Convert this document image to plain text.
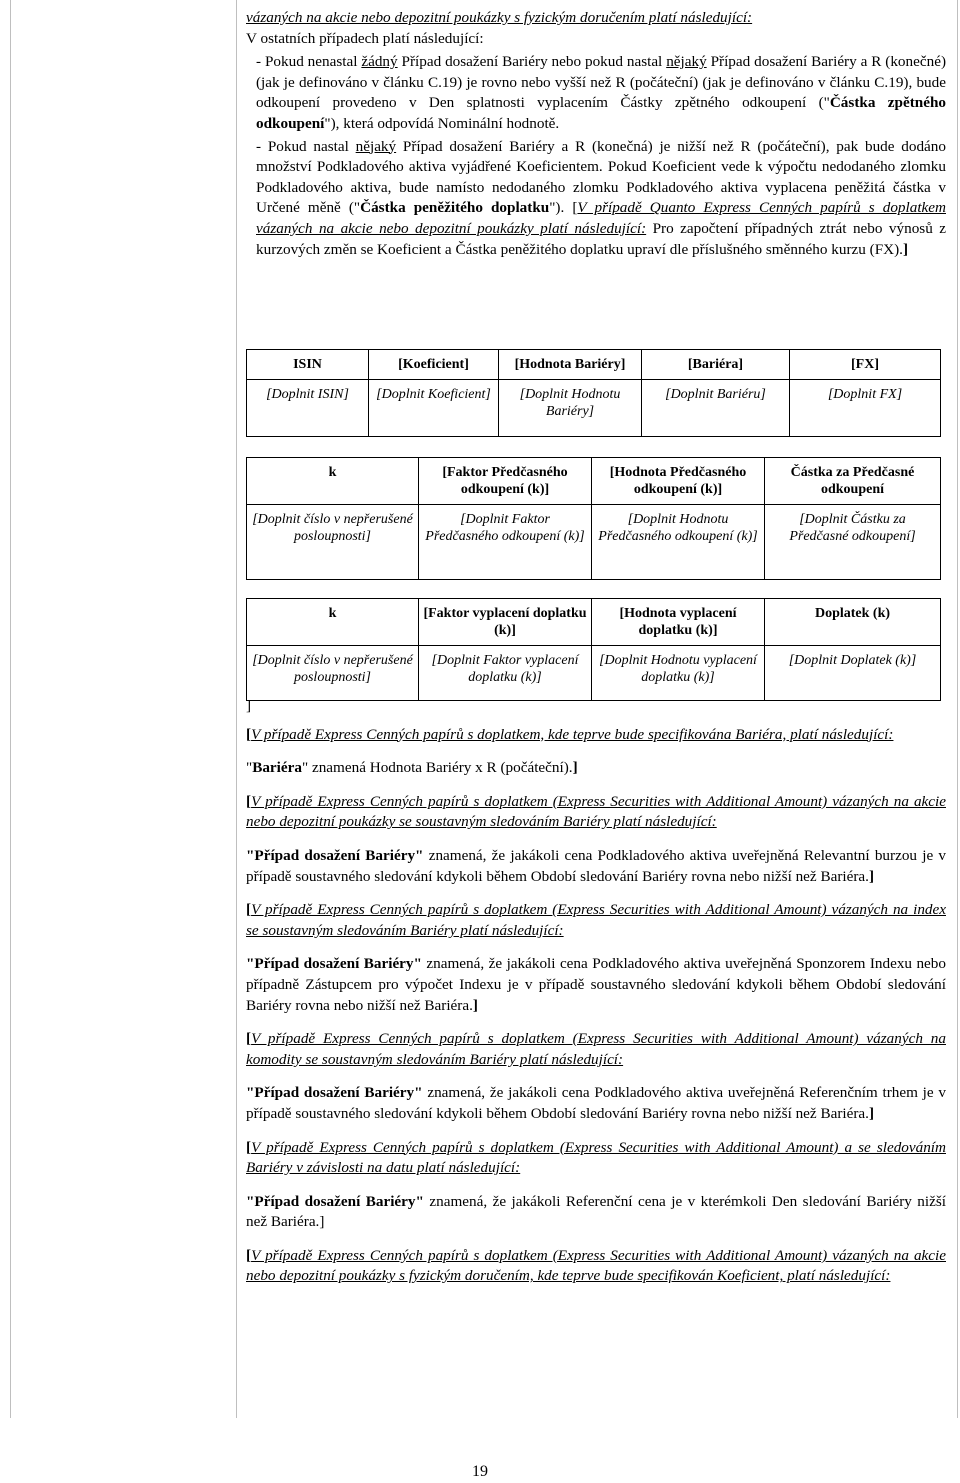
vázaných na akcie nebo depozitní poukázky s fyzickým doručením platí následující:

V ostatních případech platí následující:

- Pokud nenastal žádný Případ dosažení Bariéry nebo pokud nastal nějaký Případ dosažení Bariéry a R (konečné) (jak je definováno v článku C.19) je rovno nebo vyšší než R (počáteční) (jak je definováno v článku C.19), bude odkoupení provedeno v Den splatnosti vyplacením Částky zpětného odkoupení ("Částka zpětného odkoupení"), která odpovídá Nominální hodnotě.

- Pokud nastal nějaký Případ dosažení Bariéry a R (konečná) je nižší než R (počáteční), pak bude dodáno množství Podkladového aktiva vyjádřené Koeficientem. Pokud Koeficient vede k výpočtu nedodaného zlomku Podkladového aktiva, bude namísto nedodaného zlomku Podkladového aktiva vyplacena peněžitá částka v Určené měně ("Částka peněžitého doplatku"). [V případě Quanto Express Cenných papírů s doplatkem vázaných na akcie nebo depozitní poukázky platí následující: Pro započtení případných ztrát nebo výnosů z kurzových změn se Koeficient a Částka peněžitého doplatku upraví dle příslušného směnného kurzu (FX).]

ISIN	[Koeficient]	[Hodnota Bariéry]	[Bariéra]	[FX]
[Doplnit ISIN]	[Doplnit Koeficient]	[Doplnit Hodnotu Bariéry]	[Doplnit Bariéru]	[Doplnit FX]
k	[Faktor Předčasného odkoupení (k)]	[Hodnota Předčasného odkoupení (k)]	Částka za Předčasné odkoupení
[Doplnit číslo v nepřerušené posloupnosti]	[Doplnit Faktor Předčasného odkoupení (k)]	[Doplnit Hodnotu Předčasného odkoupení (k)]	[Doplnit Částku za Předčasné odkoupení]
k	[Faktor vyplacení doplatku (k)]	[Hodnota vyplacení doplatku (k)]	Doplatek (k)
[Doplnit číslo v nepřerušené posloupnosti]	[Doplnit Faktor vyplacení doplatku (k)]	[Doplnit Hodnotu vyplacení doplatku (k)]	[Doplnit Doplatek (k)]

]

[V případě Express Cenných papírů s doplatkem, kde teprve bude specifikována Bariéra, platí následující:

"Bariéra" znamená Hodnota Bariéry x R (počáteční).]

[V případě Express Cenných papírů s doplatkem (Express Securities with Additional Amount) vázaných na akcie nebo depozitní poukázky se soustavným sledováním Bariéry platí následující:

"Případ dosažení Bariéry" znamená, že jakákoli cena Podkladového aktiva uveřejněná Relevantní burzou je v případě soustavného sledování kdykoli během Období sledování Bariéry rovna nebo nižší než Bariéra.]

[V případě Express Cenných papírů s doplatkem (Express Securities with Additional Amount) vázaných na index se soustavným sledováním Bariéry platí následující:

"Případ dosažení Bariéry" znamená, že jakákoli cena Podkladového aktiva uveřejněná Sponzorem Indexu nebo případně Zástupcem pro výpočet Indexu je v případě soustavného sledování kdykoli během Období sledování Bariéry rovna nebo nižší než Bariéra.]

[V případě Express Cenných papírů s doplatkem (Express Securities with Additional Amount) vázaných na komodity se soustavným sledováním Bariéry platí následující:

"Případ dosažení Bariéry" znamená, že jakákoli cena Podkladového aktiva uveřejněná Referenčním trhem je v případě soustavného sledování kdykoli během Období sledování Bariéry rovna nebo nižší než Bariéra.]

[V případě Express Cenných papírů s doplatkem (Express Securities with Additional Amount) a se sledováním Bariéry v závislosti na datu platí následující:

"Případ dosažení Bariéry" znamená, že jakákoli Referenční cena je v kterémkoli Den sledování Bariéry nižší než Bariéra.]

[V případě Express Cenných papírů s doplatkem (Express Securities with Additional Amount) vázaných na akcie nebo depozitní poukázky s fyzickým doručením, kde teprve bude specifikován Koeficient, platí následující:

19
